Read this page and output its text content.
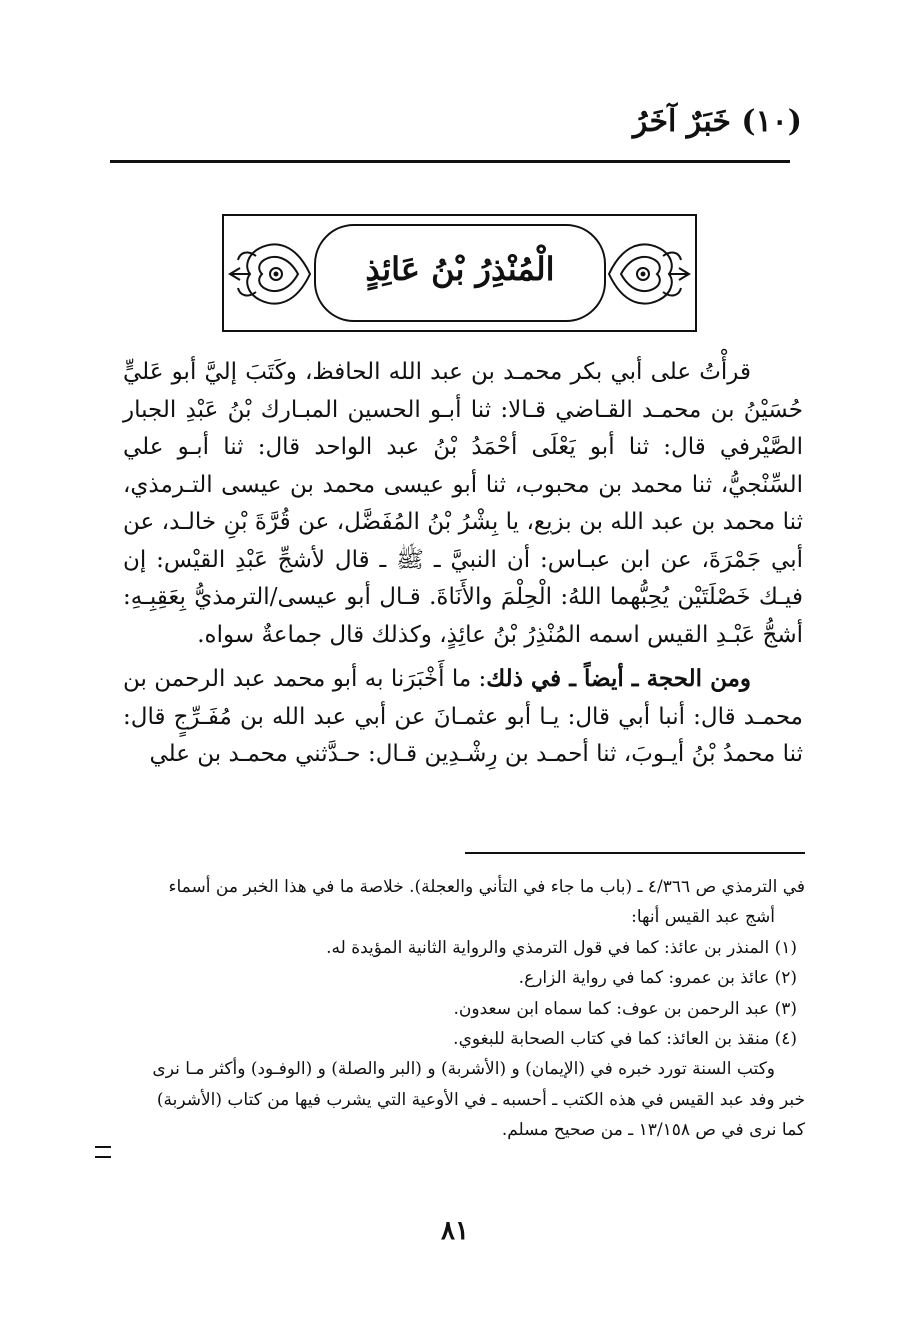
(١٠) خَبَرٌ آخَرُ
الْمُنْذِرُ بْنُ عَائِذٍ

قرأْتُ على أبي بكر محمـد بن عبد الله الحافظ، وكَتَبَ إليَّ أبو عَليٍّ حُسَيْنُ بن محمـد القـاضي قـالا: ثنا أبـو الحسين المبـارك بْنُ عَبْدِ الجبار الصَّيْرفي قال: ثنا أبو يَعْلَى أحْمَدُ بْنُ عبد الواحد قال: ثنا أبـو علي السِّنْجيُّ، ثنا محمد بن محبوب، ثنا أبو عيسى محمد بن عيسى التـرمذي، ثنا محمد بن عبد الله بن بزيع، يا بِشْرُ بْنُ المُفَضَّل، عن قُرَّةَ بْنِ خالـد، عن أبي جَمْرَةَ، عن ابن عبـاس: أن النبيَّ ـ ﷺ ـ قال لأشجِّ عَبْدِ القيْس: إن فيـك خَصْلَتَيْن يُحِبُّهما اللهُ: الْحِلْمَ والأَنَاةَ. قـال أبو عيسى/الترمذيُّ بِعَقِبِـهِ: أشجُّ عَبْـدِ القيس اسمه المُنْذِرُ بْنُ عائِذٍ، وكذلك قال جماعةٌ سواه.

ومن الحجة ـ أيضاً ـ في ذلك: ما أَخْبَرَنا به أبو محمد عبد الرحمن بن محمـد قال: أنبا أبي قال: يـا أبو عثمـانَ عن أبي عبد الله بن مُفَـرِّجٍ قال: ثنا محمدُ بْنُ أيـوبَ، ثنا أحمـد بن رِشْـدِين قـال: حـدَّثني محمـد بن علي

في الترمذي ص ٤/٣٦٦ ـ (باب ما جاء في التأني والعجلة). خلاصة ما في هذا الخبر من أسماء

أشج عبد القيس أنها:

(١) المنذر بن عائذ: كما في قول الترمذي والرواية الثانية المؤيدة له.

(٢) عائذ بن عمرو: كما في رواية الزارع.

(٣) عبد الرحمن بن عوف: كما سماه ابن سعدون.

(٤) منقذ بن العائذ: كما في كتاب الصحابة للبغوي.

وكتب السنة تورد خبره في (الإيمان) و (الأشربة) و (البر والصلة) و (الوفـود) وأكثر مـا نرى

خبر وفد عبد القيس في هذه الكتب ـ أحسبه ـ في الأوعية التي يشرب فيها من كتاب (الأشربة)

كما نرى في ص ١٣/١٥٨ ـ من صحيح مسلم.

٨١
